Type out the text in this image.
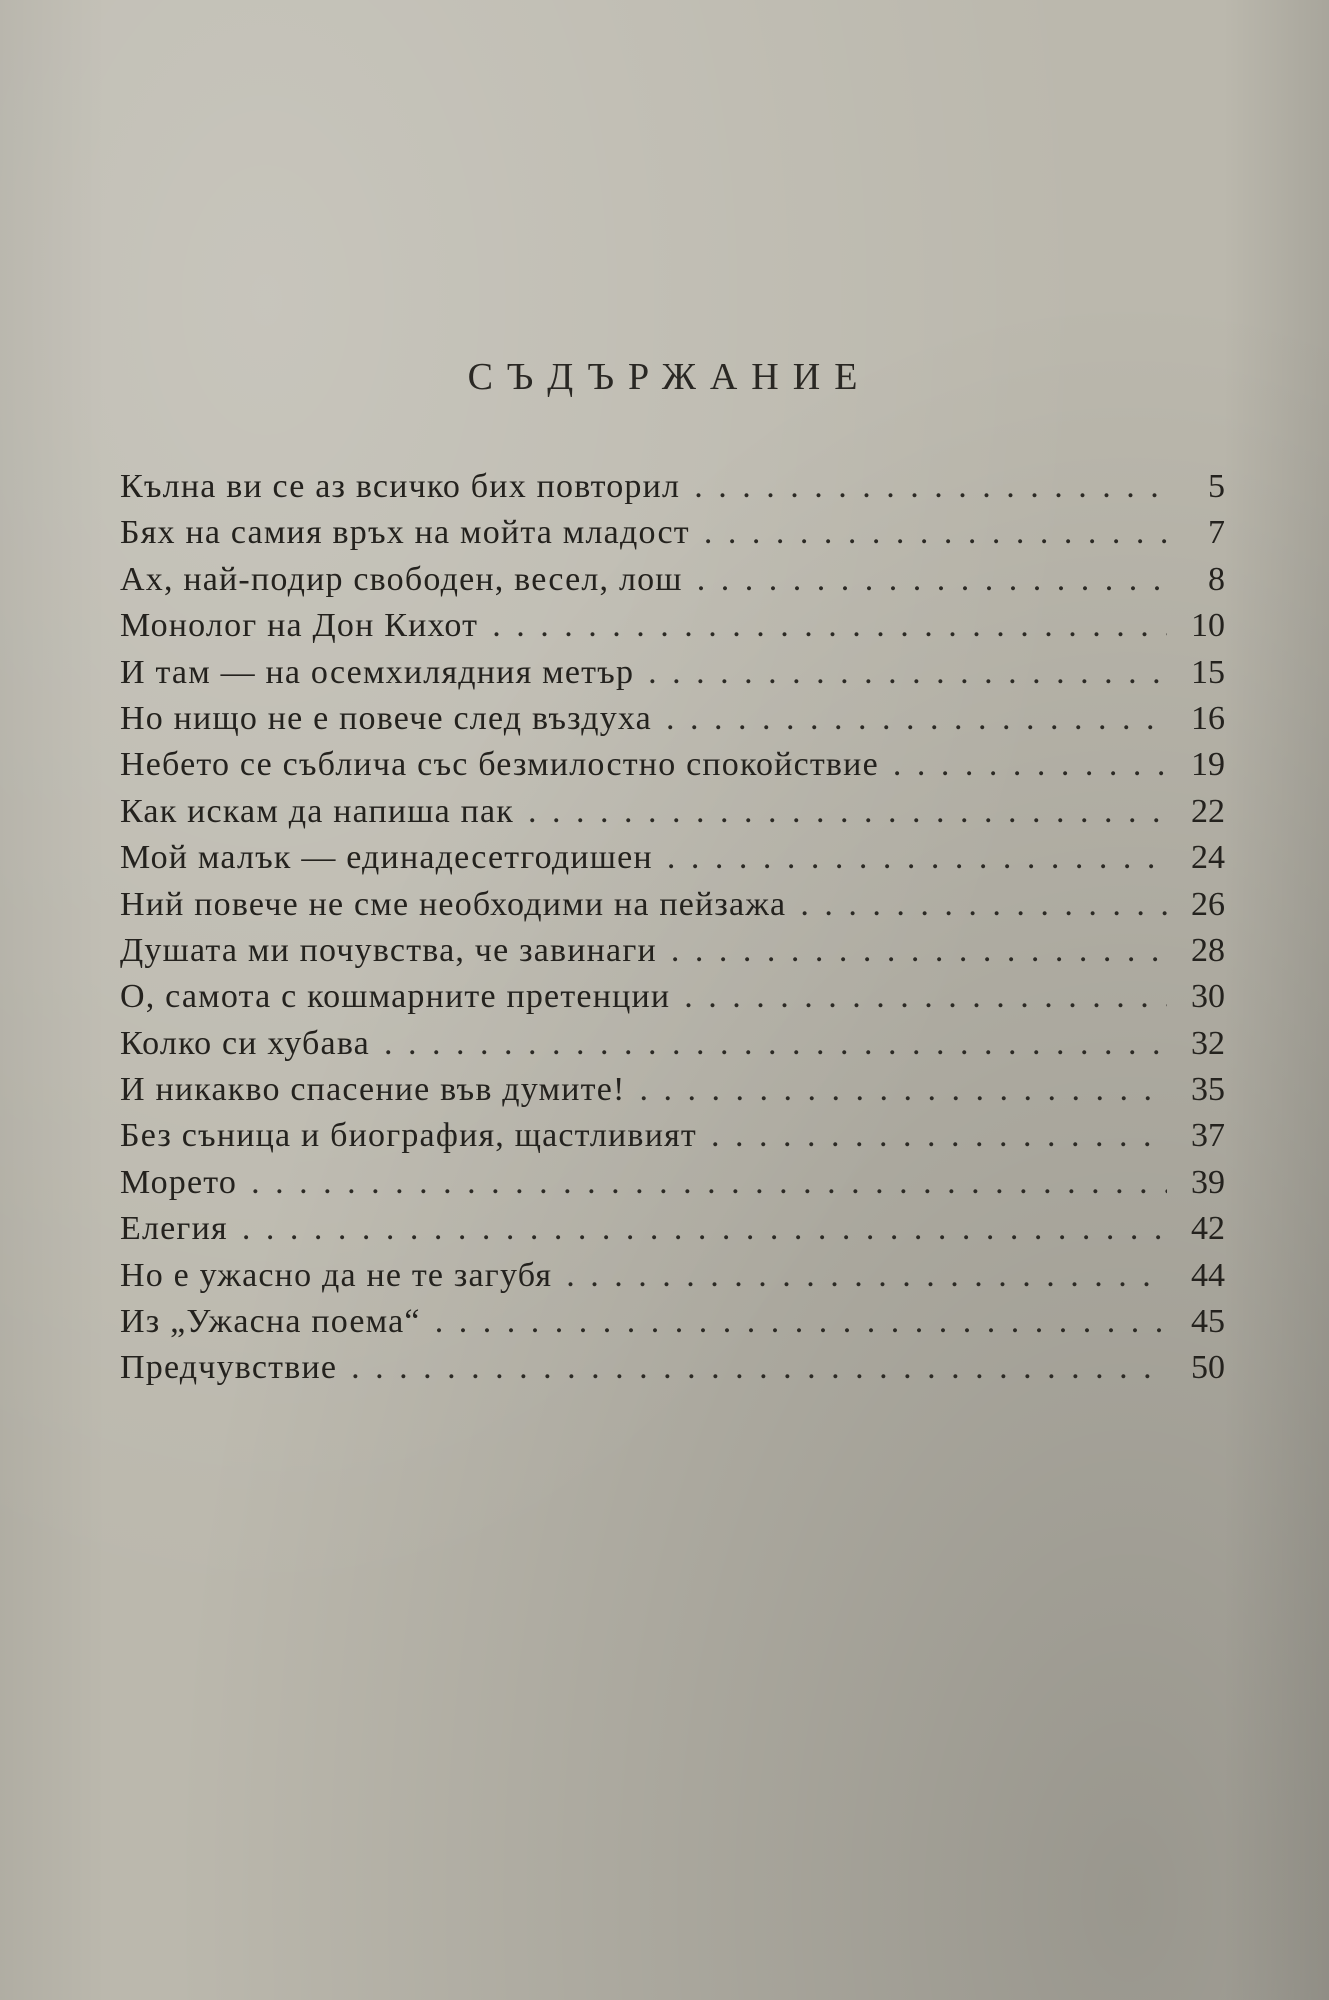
СЪДЪРЖАНИЕ
Кълна ви се аз всичко бих повторил . . .	5
Бях на самия връх на мойта младост . . .	7
Ах, най-подир свободен, весел, лош . . .	8
Монолог на Дон Кихот . . .	10
И там — на осемхилядния метър . . .	15
Но нищо не е повече след въздуха . . .	16
Небето се съблича със безмилостно спокойствие . . .	19
Как искам да напиша пак . . .	22
Мой малък — единадесетгодишен . . .	24
Ний повече не сме необходими на пейзажа . . .	26
Душата ми почувства, че завинаги . . .	28
О, самота с кошмарните претенции . . .	30
Колко си хубава . . .	32
И никакво спасение във думите! . . .	35
Без съница и биография, щастливият . . .	37
Морето . . .	39
Елегия . . .	42
Но е ужасно да не те загубя . . .	44
Из „Ужасна поема“ . . .	45
Предчувствие . . .	50
